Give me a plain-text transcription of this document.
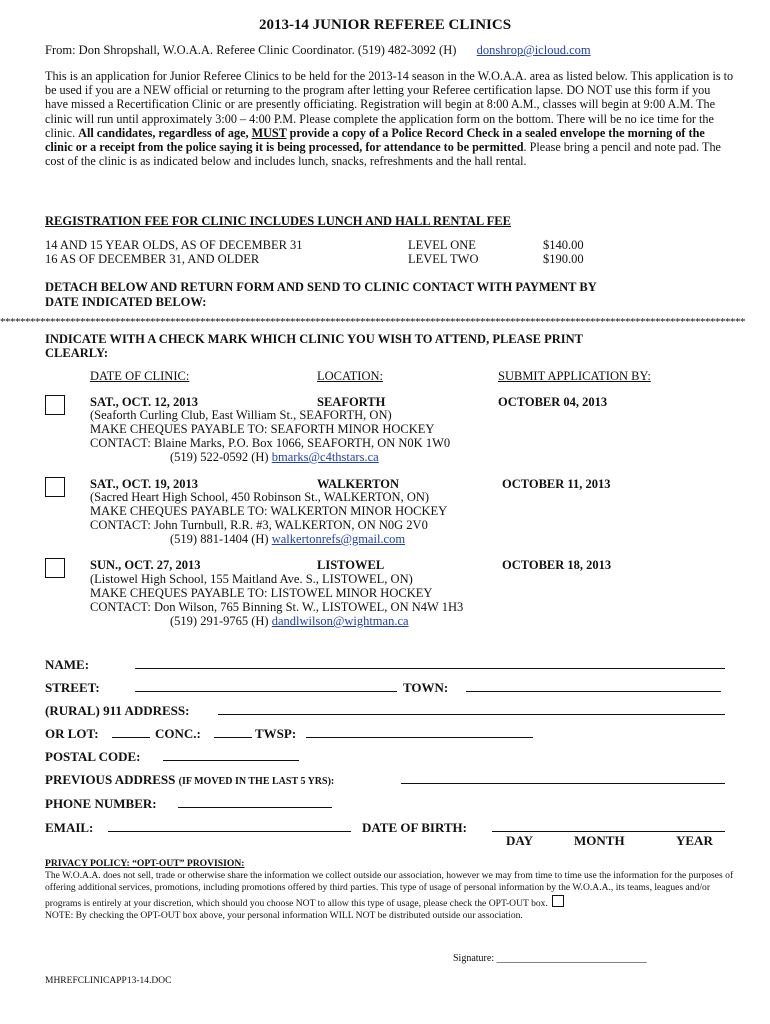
2013-14 JUNIOR REFEREE CLINICS
From: Don Shropshall, W.O.A.A. Referee Clinic Coordinator. (519) 482-3092 (H) donshrop@icloud.com
This is an application for Junior Referee Clinics to be held for the 2013-14 season in the W.O.A.A. area as listed below. This application is to be used if you are a NEW official or returning to the program after letting your Referee certification lapse. DO NOT use this form if you have missed a Recertification Clinic or are presently officiating. Registration will begin at 8:00 A.M., classes will begin at 9:00 A.M. The clinic will run until approximately 3:00 – 4:00 P.M. Please complete the application form on the bottom. There will be no ice time for the clinic. All candidates, regardless of age, MUST provide a copy of a Police Record Check in a sealed envelope the morning of the clinic or a receipt from the police saying it is being processed, for attendance to be permitted. Please bring a pencil and note pad. The cost of the clinic is as indicated below and includes lunch, snacks, refreshments and the hall rental.
REGISTRATION FEE FOR CLINIC INCLUDES LUNCH AND HALL RENTAL FEE
14 AND 15 YEAR OLDS, AS OF DECEMBER 31	LEVEL ONE	$140.00
16 AS OF DECEMBER 31, AND OLDER	LEVEL TWO	$190.00
DETACH BELOW AND RETURN FORM AND SEND TO CLINIC CONTACT WITH PAYMENT BY
DATE INDICATED BELOW:
*****************************************************************************************************************************************************
INDICATE WITH A CHECK MARK WHICH CLINIC YOU WISH TO ATTEND, PLEASE PRINT
CLEARLY:
DATE OF CLINIC:	LOCATION:	SUBMIT APPLICATION BY:
SAT., OCT. 12, 2013	SEAFORTH	OCTOBER 04, 2013
(Seaforth Curling Club, East William St., SEAFORTH, ON)
MAKE CHEQUES PAYABLE TO: SEAFORTH MINOR HOCKEY
CONTACT: Blaine Marks, P.O. Box 1066, SEAFORTH, ON N0K 1W0
(519) 522-0592 (H) bmarks@c4thstars.ca
SAT., OCT. 19, 2013	WALKERTON	OCTOBER 11, 2013
(Sacred Heart High School, 450 Robinson St., WALKERTON, ON)
MAKE CHEQUES PAYABLE TO: WALKERTON MINOR HOCKEY
CONTACT: John Turnbull, R.R. #3, WALKERTON, ON N0G 2V0
(519) 881-1404 (H) walkertonrefs@gmail.com
SUN., OCT. 27, 2013	LISTOWEL	OCTOBER 18, 2013
(Listowel High School, 155 Maitland Ave. S., LISTOWEL, ON)
MAKE CHEQUES PAYABLE TO: LISTOWEL MINOR HOCKEY
CONTACT: Don Wilson, 765 Binning St. W., LISTOWEL, ON N4W 1H3
(519) 291-9765 (H) dandlwilson@wightman.ca
NAME:
STREET:	TOWN:
(RURAL) 911 ADDRESS:
OR LOT:	CONC.:	TWSP:
POSTAL CODE:
PREVIOUS ADDRESS (IF MOVED IN THE LAST 5 YRS):
PHONE NUMBER:
EMAIL:	DATE OF BIRTH:
DAY	MONTH	YEAR
PRIVACY POLICY: “OPT-OUT” PROVISION:
The W.O.A.A. does not sell, trade or otherwise share the information we collect outside our association, however we may from time to time use the information for the purposes of offering additional services, promotions, including promotions offered by third parties. This type of usage of personal information by the W.O.A.A., its teams, leagues and/or programs is entirely at your discretion, which should you choose NOT to allow this type of usage, please check the OPT-OUT box.
NOTE: By checking the OPT-OUT box above, your personal information WILL NOT be distributed outside our association.
Signature: ______________________________
MHREFCLINICAPP13-14.DOC
